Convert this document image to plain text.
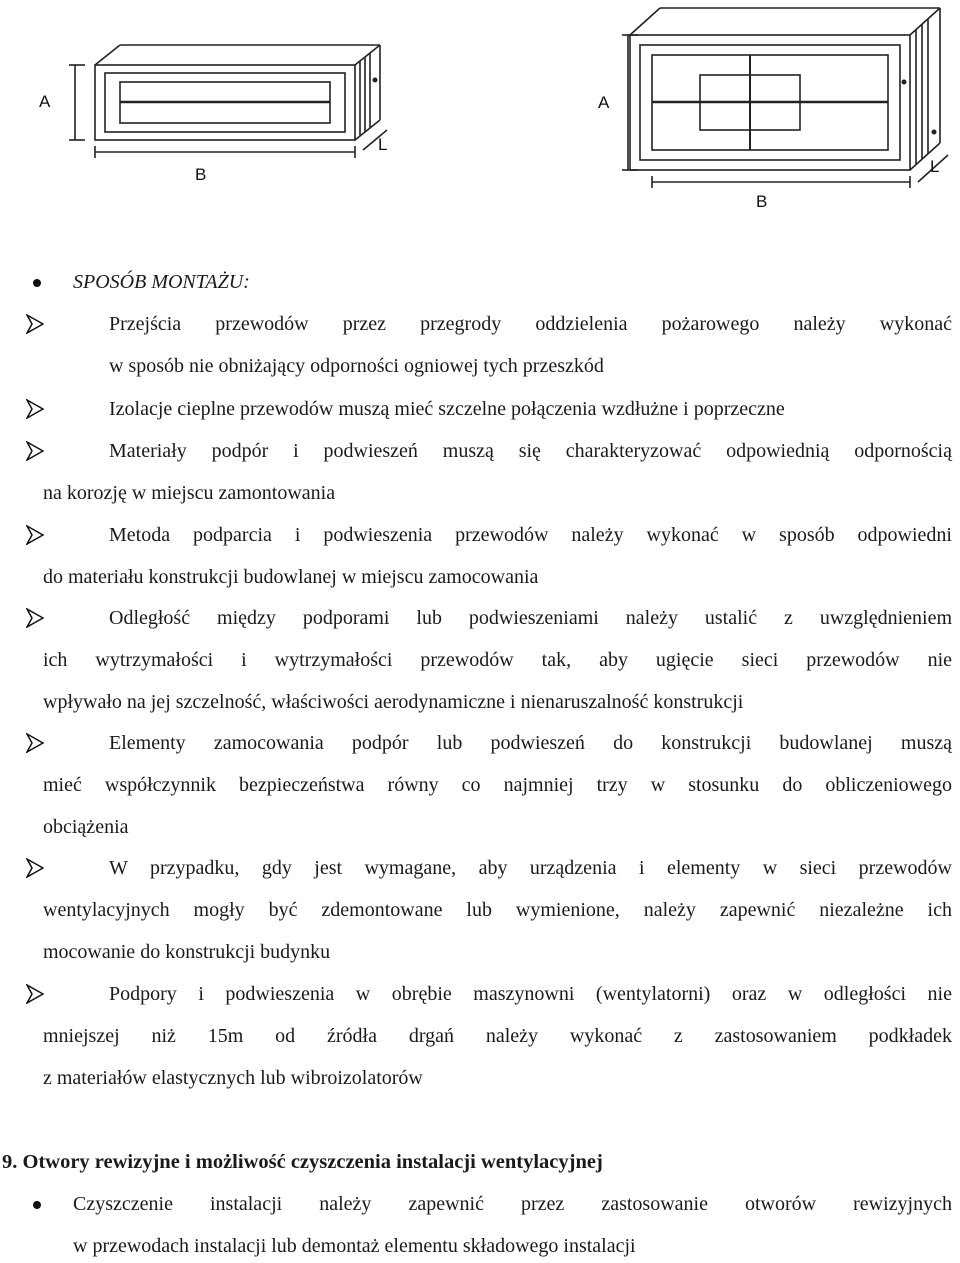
A
B
L
A
B
L
SPOSÓB MONTAŻU:
Przejścia przewodów przez przegrody oddzielenia pożarowego należy wykonać
w sposób nie obniżający odporności ogniowej tych przeszkód
Izolacje cieplne przewodów muszą mieć szczelne połączenia wzdłużne i poprzeczne
Materiały podpór i podwieszeń muszą się charakteryzować odpowiednią odpornością
na korozję w miejscu zamontowania
Metoda podparcia i podwieszenia przewodów należy wykonać w sposób odpowiedni
do materiału konstrukcji budowlanej w miejscu zamocowania
Odległość między podporami lub podwieszeniami należy ustalić z uwzględnieniem
ich wytrzymałości i wytrzymałości przewodów tak, aby ugięcie sieci przewodów nie
wpływało na jej szczelność, właściwości aerodynamiczne i nienaruszalność konstrukcji
Elementy zamocowania podpór lub podwieszeń do konstrukcji budowlanej muszą
mieć współczynnik bezpieczeństwa równy co najmniej trzy w stosunku do obliczeniowego
obciążenia
W przypadku, gdy jest wymagane, aby urządzenia i elementy w sieci przewodów
wentylacyjnych mogły być zdemontowane lub wymienione, należy zapewnić niezależne ich
mocowanie do konstrukcji budynku
Podpory i podwieszenia w obrębie maszynowni (wentylatorni) oraz w odległości nie
mniejszej niż 15m od źródła drgań należy wykonać z zastosowaniem podkładek
z materiałów elastycznych lub wibroizolatorów
9. Otwory rewizyjne i możliwość czyszczenia instalacji wentylacyjnej
Czyszczenie instalacji należy zapewnić przez zastosowanie otworów rewizyjnych
w przewodach instalacji lub demontaż elementu składowego instalacji
